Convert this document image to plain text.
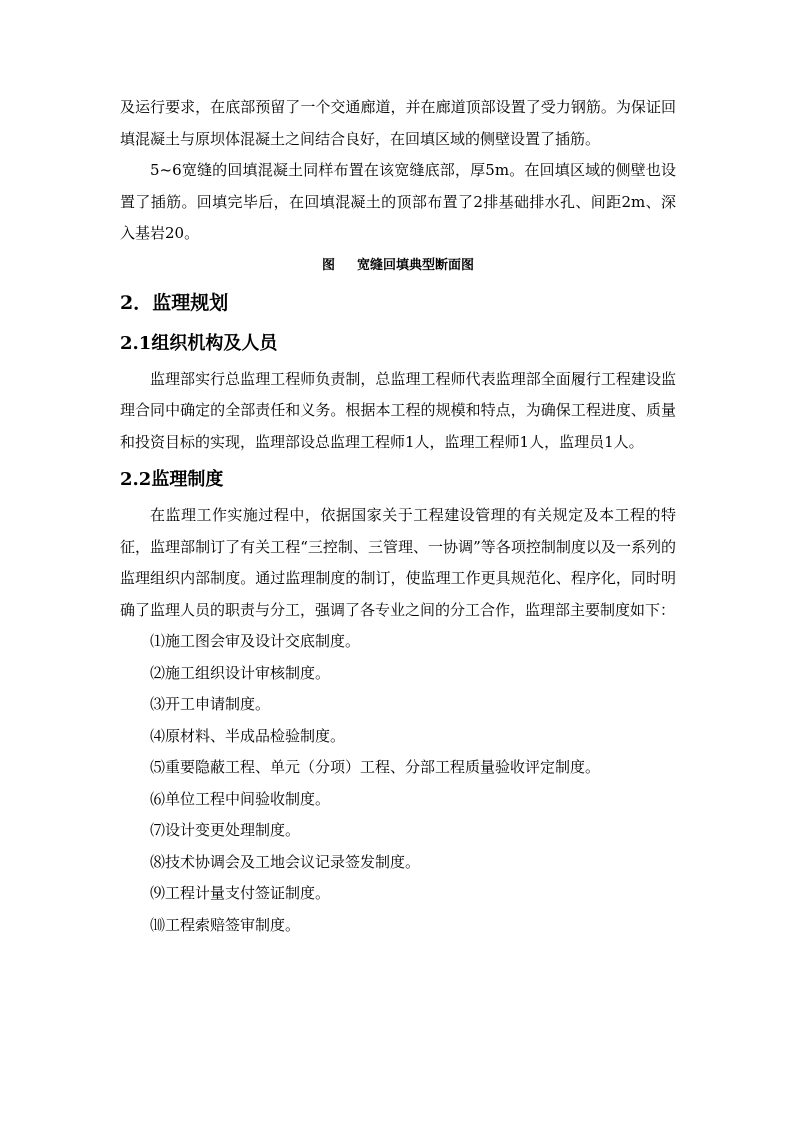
及运行要求，在底部预留了一个交通廊道，并在廊道顶部设置了受力钢筋。为保证回填混凝土与原坝体混凝土之间结合良好，在回填区域的侧壁设置了插筋。

5~6宽缝的回填混凝土同样布置在该宽缝底部，厚5m。在回填区域的侧壁也设置了插筋。回填完毕后，在回填混凝土的顶部布置了2排基础排水孔、间距2m、深入基岩20。

图 宽缝回填典型断面图
2．监理规划
2.1组织机构及人员

监理部实行总监理工程师负责制，总监理工程师代表监理部全面履行工程建设监理合同中确定的全部责任和义务。根据本工程的规模和特点，为确保工程进度、质量和投资目标的实现，监理部设总监理工程师1人，监理工程师1人，监理员1人。

2.2监理制度

在监理工作实施过程中，依据国家关于工程建设管理的有关规定及本工程的特征，监理部制订了有关工程“三控制、三管理、一协调”等各项控制制度以及一系列的监理组织内部制度。通过监理制度的制订，使监理工作更具规范化、程序化，同时明确了监理人员的职责与分工，强调了各专业之间的分工合作，监理部主要制度如下：

⑴施工图会审及设计交底制度。
⑵施工组织设计审核制度。
⑶开工申请制度。
⑷原材料、半成品检验制度。
⑸重要隐蔽工程、单元（分项）工程、分部工程质量验收评定制度。
⑹单位工程中间验收制度。
⑺设计变更处理制度。
⑻技术协调会及工地会议记录签发制度。
⑼工程计量支付签证制度。
⑽工程索赔签审制度。
